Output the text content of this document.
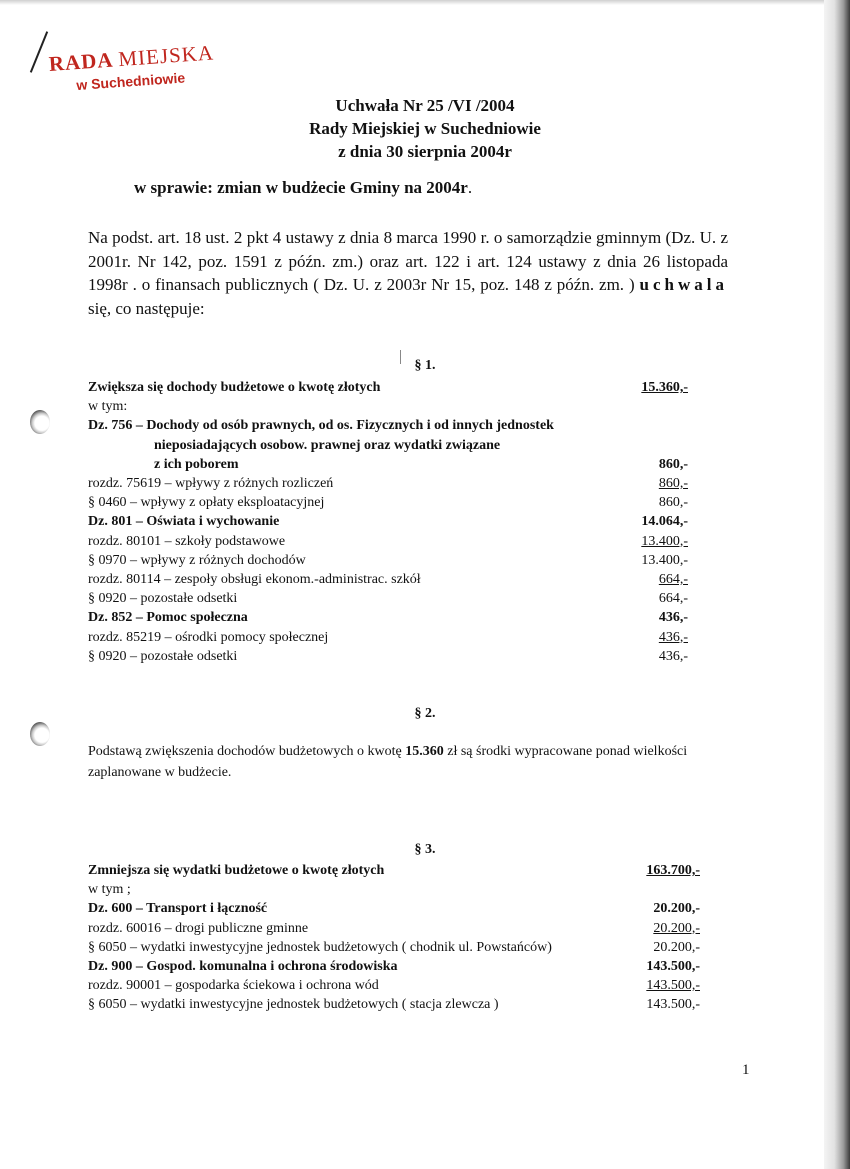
RADA MIEJSKA
w Suchedniowie
Uchwała Nr 25 /VI /2004
Rady Miejskiej w Suchedniowie
z dnia 30 sierpnia 2004r
w sprawie: zmian w budżecie Gminy na 2004r.
Na podst. art. 18 ust. 2 pkt 4 ustawy z dnia 8 marca 1990 r. o samorządzie gminnym (Dz. U. z 2001r. Nr 142, poz. 1591 z późn. zm.) oraz art. 122 i art. 124 ustawy z dnia 26 listopada 1998r . o finansach publicznych ( Dz. U. z 2003r Nr 15, poz. 148 z późn. zm. ) uchwala się, co następuje:
§ 1.
Zwiększa się dochody budżetowe o kwotę złotych	15.360,-
w tym:
Dz. 756 – Dochody od osób prawnych, od os. Fizycznych i od innych jednostek
nieposiadających osobow. prawnej oraz wydatki związane
z ich poborem	860,-
rozdz. 75619 – wpływy z różnych rozliczeń	860,-
§ 0460 – wpływy z opłaty eksploatacyjnej	860,-
Dz. 801 – Oświata i wychowanie	14.064,-
rozdz. 80101 – szkoły podstawowe	13.400,-
§ 0970 – wpływy z różnych dochodów	13.400,-
rozdz. 80114 – zespoły obsługi ekonom.-administrac. szkół	664,-
§ 0920 – pozostałe odsetki	664,-
Dz. 852 – Pomoc społeczna	436,-
rozdz. 85219 – ośrodki pomocy społecznej	436,-
§ 0920 – pozostałe odsetki	436,-
§ 2.
Podstawą zwiększenia dochodów budżetowych o kwotę 15.360 zł są środki wypracowane ponad wielkości zaplanowane w budżecie.
§ 3.
Zmniejsza się wydatki budżetowe o kwotę złotych	163.700,-
w tym ;
Dz. 600 – Transport i łączność	20.200,-
rozdz. 60016 – drogi publiczne gminne	20.200,-
§ 6050 – wydatki inwestycyjne jednostek budżetowych ( chodnik ul. Powstańców)	20.200,-
Dz. 900 – Gospod. komunalna i ochrona środowiska	143.500,-
rozdz. 90001 – gospodarka ściekowa i ochrona wód	143.500,-
§ 6050 – wydatki inwestycyjne jednostek budżetowych ( stacja zlewcza )	143.500,-
1
